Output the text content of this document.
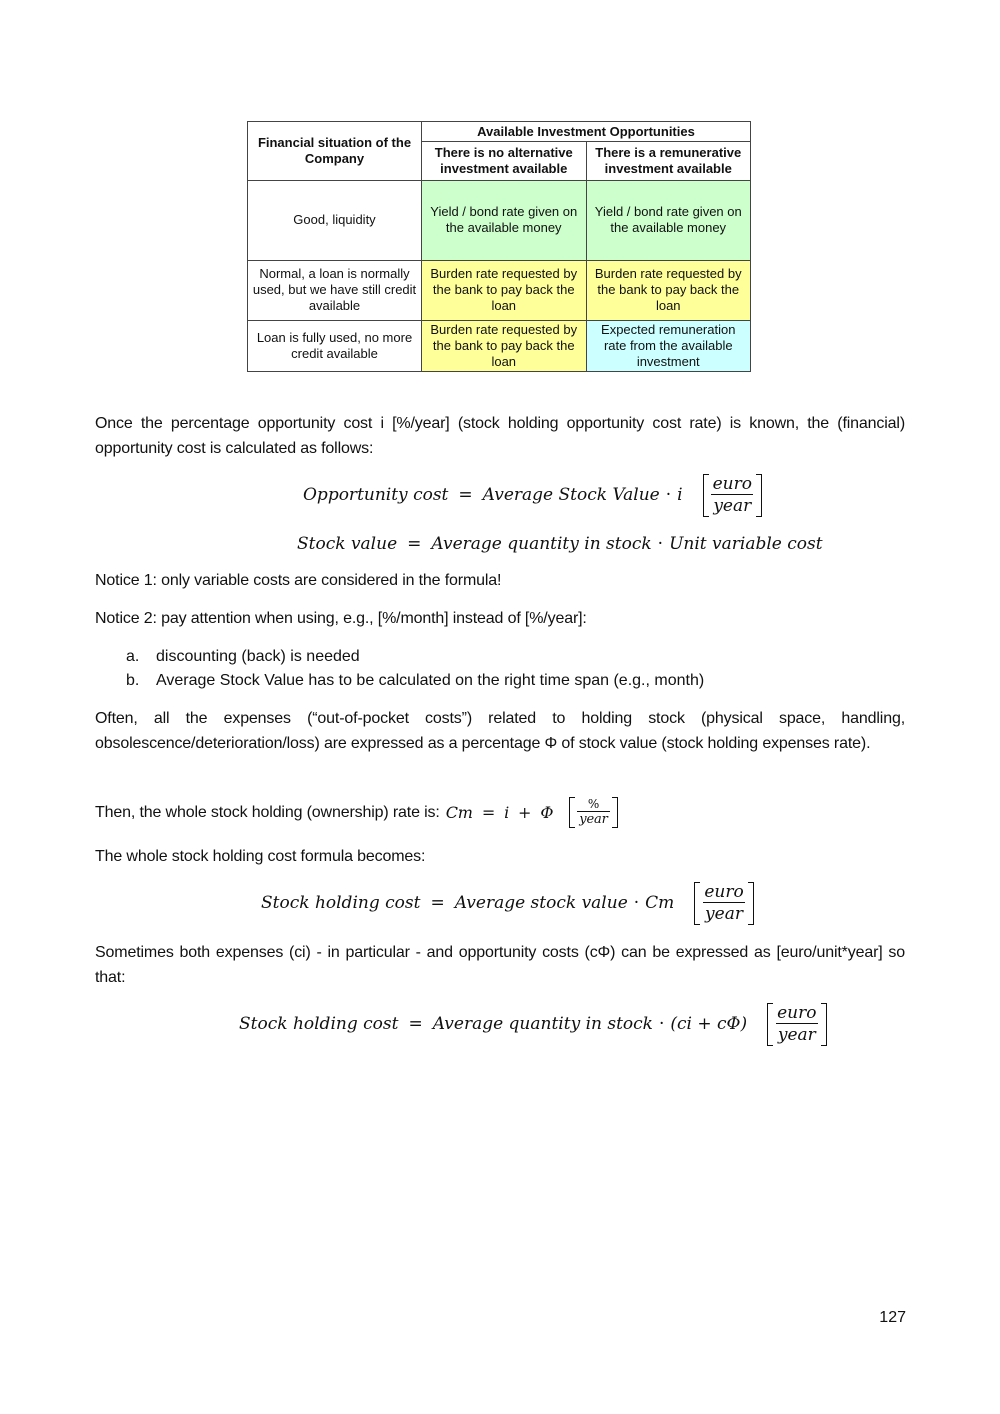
Financial situation of the Company	Available Investment Opportunities	
	There is no alternative investment available	There is a remunerative investment available
Good, liquidity	Yield / bond rate given on the available money	Yield / bond rate given on the available money
Normal, a loan is normally used, but we have still credit available	Burden rate requested by the bank to pay back the loan	Burden rate requested by the bank to pay back the loan
Loan is fully used, no more credit available	Burden rate requested by the bank to pay back the loan	Expected remuneration rate from the available investment
Once the percentage opportunity cost i [%/year] (stock holding opportunity cost rate) is known, the (financial) opportunity cost is calculated as follows:
Opportunity cost = Average Stock Value · i $\frac{\text{euro}}{\text{year}}$
Stock value = Average quantity in stock · Unit variable cost
Notice 1: only variable costs are considered in the formula!
Notice 2: pay attention when using, e.g., [%/month] instead of [%/year]:
a. discounting (back) is needed
b. Average Stock Value has to be calculated on the right time span (e.g., month)
Often, all the expenses (“out-of-pocket costs”) related to holding stock (physical space, handling, obsolescence/deterioration/loss) are expressed as a percentage Φ of stock value (stock holding expenses rate).
Then, the whole stock holding (ownership) rate is: Cm = i + Φ $\frac{\%}{\text{year}}$
The whole stock holding cost formula becomes:
Stock holding cost = Average stock value · Cm $\frac{\text{euro}}{\text{year}}$
Sometimes both expenses (ci) - in particular - and opportunity costs (cΦ) can be expressed as [euro/unit*year] so that:
Stock holding cost = Average quantity in stock · $(ci + c\Phi) \frac{\text{euro}}{\text{year}}$
127
